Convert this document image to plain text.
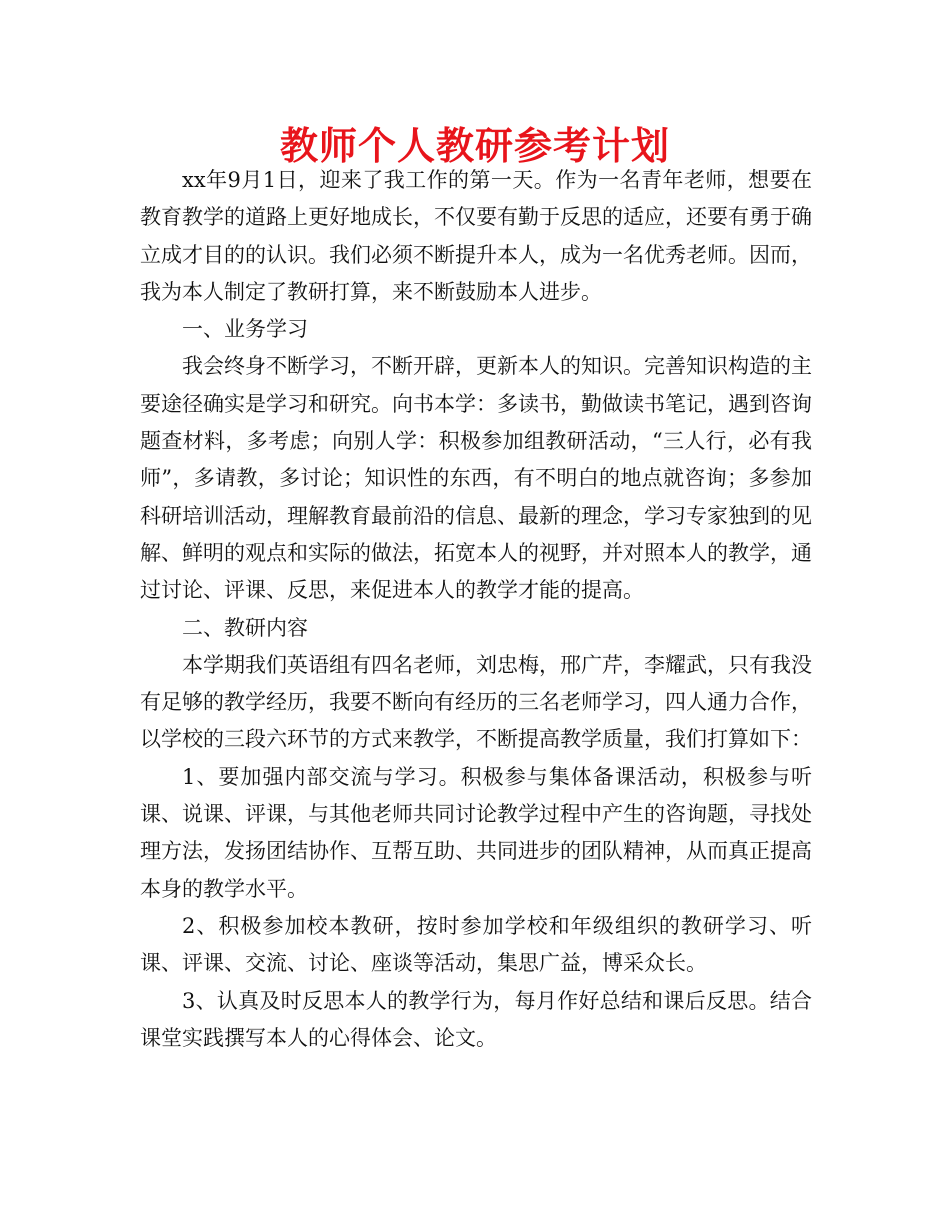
教师个人教研参考计划

xx年9月1日，迎来了我工作的第一天。作为一名青年老师，想要在教育教学的道路上更好地成长，不仅要有勤于反思的适应，还要有勇于确立成才目的的认识。我们必须不断提升本人，成为一名优秀老师。因而，我为本人制定了教研打算，来不断鼓励本人进步。

一、业务学习

我会终身不断学习，不断开辟，更新本人的知识。完善知识构造的主要途径确实是学习和研究。向书本学：多读书，勤做读书笔记，遇到咨询题查材料，多考虑；向别人学：积极参加组教研活动，“三人行，必有我师”，多请教，多讨论；知识性的东西，有不明白的地点就咨询；多参加科研培训活动，理解教育最前沿的信息、最新的理念，学习专家独到的见解、鲜明的观点和实际的做法，拓宽本人的视野，并对照本人的教学，通过讨论、评课、反思，来促进本人的教学才能的提高。

二、教研内容

本学期我们英语组有四名老师，刘忠梅，邢广芹，李耀武，只有我没有足够的教学经历，我要不断向有经历的三名老师学习，四人通力合作，以学校的三段六环节的方式来教学，不断提高教学质量，我们打算如下：

1、要加强内部交流与学习。积极参与集体备课活动，积极参与听课、说课、评课，与其他老师共同讨论教学过程中产生的咨询题，寻找处理方法，发扬团结协作、互帮互助、共同进步的团队精神，从而真正提高本身的教学水平。

2、积极参加校本教研，按时参加学校和年级组织的教研学习、听课、评课、交流、讨论、座谈等活动，集思广益，博采众长。

3、认真及时反思本人的教学行为，每月作好总结和课后反思。结合课堂实践撰写本人的心得体会、论文。
